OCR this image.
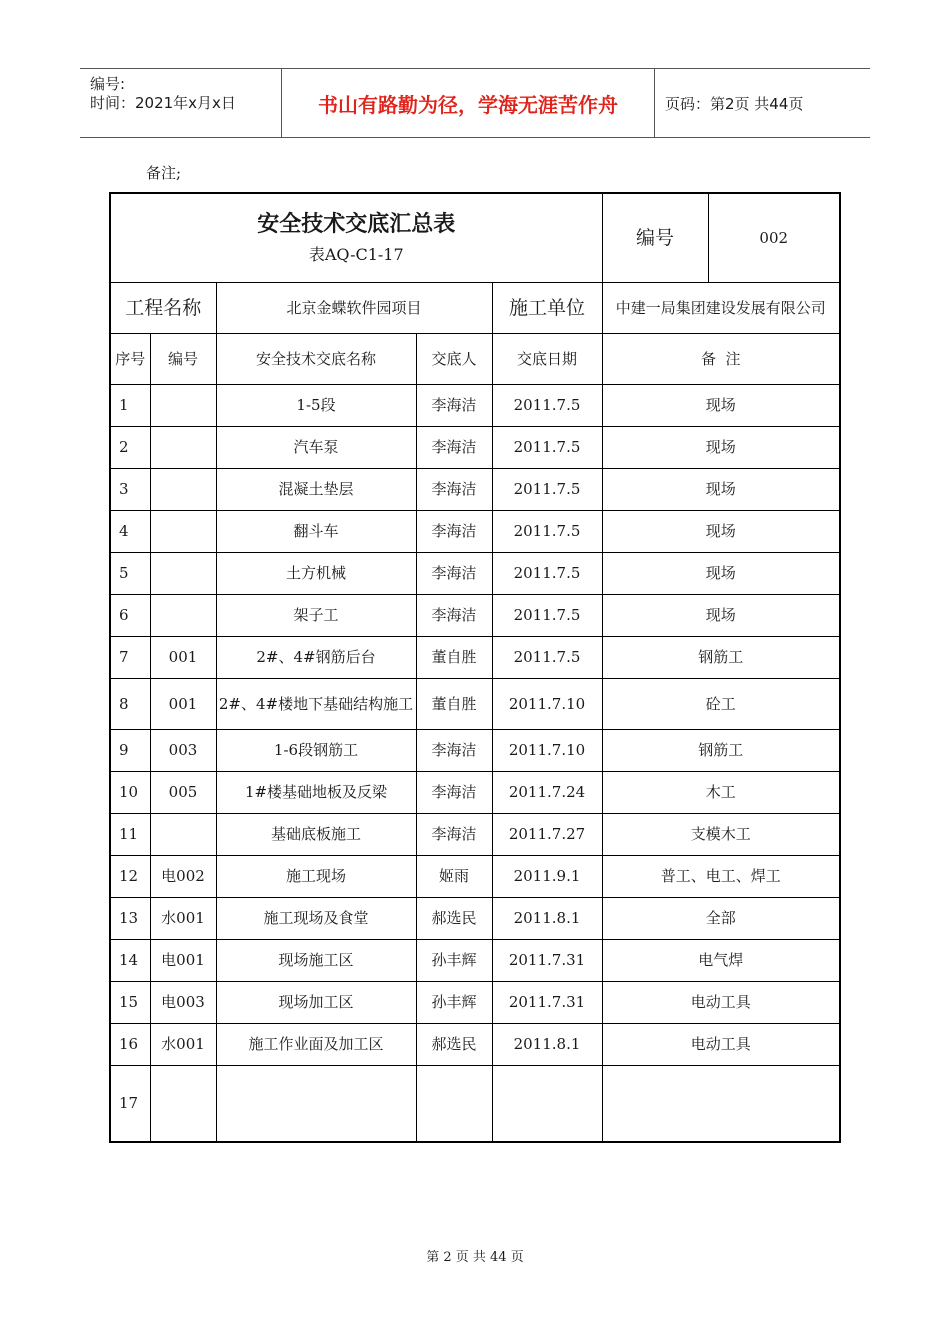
编号:
时间：2021年x月x日	书山有路勤为径，学海无涯苦作舟	页码：第2页 共44页
备注;
安全技术交底汇总表
表AQ-C1-17					编号	002
工程名称		北京金蝶软件园项目		施工单位	中建一局集团建设发展有限公司	
序号	编号	安全技术交底名称	交底人	交底日期	备  注	
1		1-5段	李海洁	2011.7.5	现场	
2		汽车泵	李海洁	2011.7.5	现场	
3		混凝土垫层	李海洁	2011.7.5	现场	
4		翻斗车	李海洁	2011.7.5	现场	
5		土方机械	李海洁	2011.7.5	现场	
6		架子工	李海洁	2011.7.5	现场	
7	001	2#、4#钢筋后台	董自胜	2011.7.5	钢筋工	
8	001	2#、4#楼地下基础结构施工	董自胜	2011.7.10	砼工	
9	003	1-6段钢筋工	李海洁	2011.7.10	钢筋工	
10	005	1#楼基础地板及反梁	李海洁	2011.7.24	木工	
11		基础底板施工	李海洁	2011.7.27	支模木工	
12	电002	施工现场	姬雨	2011.9.1	普工、电工、焊工	
13	水001	施工现场及食堂	郝选民	2011.8.1	全部	
14	电001	现场施工区	孙丰辉	2011.7.31	电气焊	
15	电003	现场加工区	孙丰辉	2011.7.31	电动工具	
16	水001	施工作业面及加工区	郝选民	2011.8.1	电动工具	
17						
第 2 页 共 44 页
